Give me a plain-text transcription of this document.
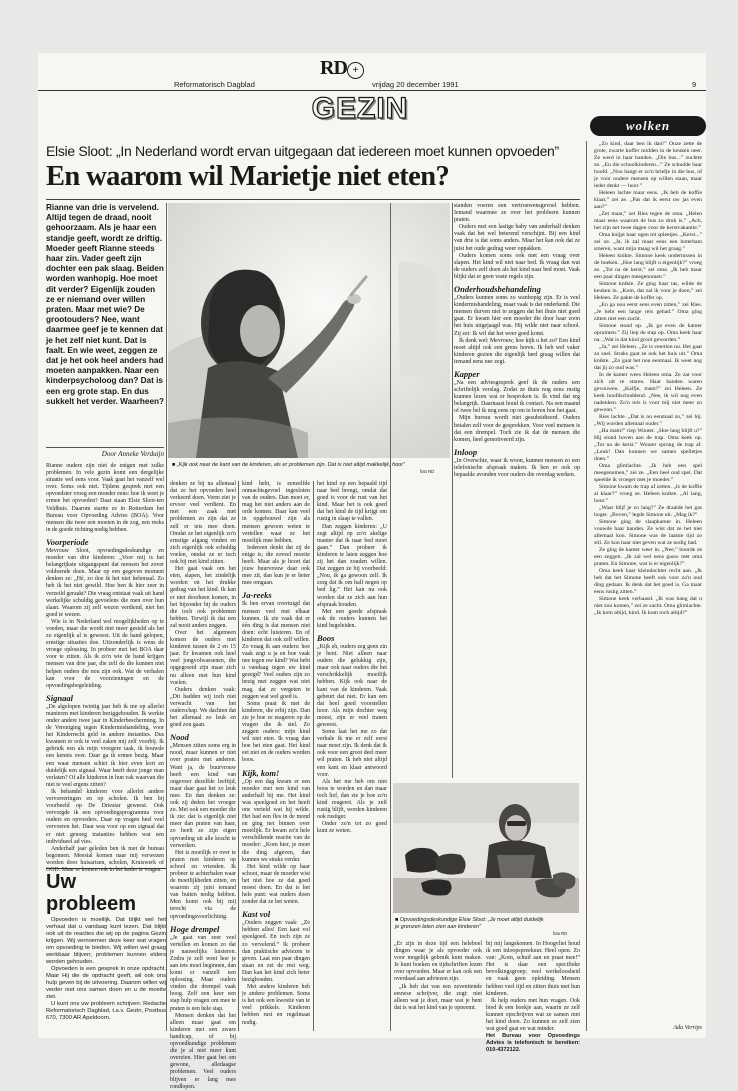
RD +
Reformatorisch Dagblad	vrijdag 20 december 1991	9
GEZIN
wolken
Elsie Sloot: „In Nederland wordt ervan uitgegaan dat iedereen moet kunnen opvoeden”
En waarom wil Marietje niet eten?
Rianne van drie is vervelend. Altijd tegen de draad, nooit gehoorzaam. Als je haar een standje geeft, wordt ze driftig. Moeder geeft Rianne steeds haar zin. Vader geeft zijn dochter een pak slaag. Beiden worden wanhopig. Hoe moet dit verder? Eigenlijk zouden ze er niemand over willen praten. Maar met wie? De grootouders? Nee, want daarmee geef je te kennen dat je het zelf niet kunt. Dat is faalt. En wie weet, zeggen ze dat je het ook heel anders had moeten aanpakken. Naar een kinderpsycholoog dan? Dat is een erg grote stap. En dus sukkelt het verder. Waarheen?
Door Anneke Verduijn

Rianne oudere zijn niet de enigen met zulke problemen. In vele gezin komt een dergelijke situatie wel eens voor. Vaak gaat het vanzelf wel over. Soms ook niet. Tijdens gesprek met een opvoedster vroeg een moeder eens: hoe ik weet je ermee het opvoeden? Daar staan Elsie Sloot-ten Veldhuis. Daarom startte ze in Rotterdam het Bureau voor Opvoeding Advies (BOA). Voor mensen die twee een moeten in de zog, een reeks in de goede richting nodig hebben.

Voorperiode

Mevrouw Sloot, opvoedingsdeskundige en moeder van drie kinderen: „Voor mij is het belangrijkste uitgangspunt dat mensen het zover voldoende doen. Maar op een gegeven moment denken ze: „Hè, zo doe ik het niet helemaal. Zo heb ik het niet gewild. Hoe ben ik hier zeer in verzeild geraakt? Die vraag ontstaat vaak uit hand werkelijke schuldig gevoelens die men over hun slaan. Waarom zij zelf wezen verdiend, niet het goed te wezen.

Wie is in Nederland wel mogelijkheden op te voeden, maar die wordt niet meer gesteld als het zo eigenlijk al is geweest. Uit de hand gelopen, ernstige situaties doe. Uitzonderlijk is wens de vroege oplossing. In probeer met het BOA daar voor te zitten. Als ik zo'n wie de hand krijgen mensen van drie jaar, die zelf de die kunnen niet helpen ouders die nou zijn ook. Wat de verhalen kan voor de voorzieningen en de opvoedingsbegeleiding.

Signaal

„De algelopen twintig jaar heb ik me op allerlei manieren met kinderen beziggehouden. Ik werkte onder andere twee jaar in Kinderbescherming. In de Vereniging tegen Kindermishandeling, voor het Kinderrecht geld in andere instanties. Dus kwamen er ook te veel zaken mij zelf voorbij. Ik gebruik een als mijn vroegere taak, ik bouwde een kennis over. Daar ga ik ermee bezig. Maar een waar mensen schiet ik hier even kort en duidelijk een signaal. Waar heeft deze jonge man verlaten? Of alle kinderen in hun vak waarvan die niet te veel ergens zitten?

Ik behandel kinderen voor allerlei andere vervorreringen en op scholen. Ik ben bij voorbeeld op De Driestar geweest. Ook vervorgde ik een opvoedingsprogramma voor ouders en opvoeders. Daar op vragen heel veel vervoeren het. Daar was voor op een signaal dat er niet genoeg instanties hebben wat een individueel ad vies.

Anderhalf jaar geleden ben ik met de bureau begonnen. Meestal komen naar mij verwezen worden door huisartsen, scholen, Kruiswerk of GGD. Maar er komen ook in het kader te vragen.

Uw probleem

Opvoeden is moeilijk. Dat blijkt wel het verhaal dat u vandaag kunt lezen. Dat blijkt ook uit de reacties die wij op de pagina Gezin krijgen. Wij vernoemen deze keer wat vragen om opvoeding te bieden. Wij willen wel graag werkbaar blijven; problemen kunnen elders worden gehouden.

Opvoeden is een gesprek in onze opdracht. Maar Hij die de opdracht geeft, wil ook ons hulp geven bij de uitvoering. Daarom willen wij verder niet ons samen doen en u de moeite ziet.

U kunt ons uw probleem schrijven: Redactie Reformatorisch Dagblad, t.a.v. Gezin, Postbus 670, 7300 AR Apeldoorn.

■ „Kijk ook naar de kant van de kinderen, als er problemen zijn. Dat is niet altijd makkelijk, hoor”
foto RD

denken ze bij na allemaal dat ze het opvoeden heel verkeerd doen. Vorm ziet je ervoor veel verdient. En met een zaak met problemen zo zijn dat ze zelf er iets mee doen. Omdat ze het eigenlijk zo'n ernstige afgang vinden en zich eigenlijk ook schuldig voelen, omdat ze er toch ook bij met kind zitten.

Het gaat vaak om het eten, slapen, het zindelijk worden en het drukke gedrag van het kind. Ik kan er niet doorheen komen, in het bijzonder bij de ouders die toch ook problemen hebben. Terwijl ik dat een zal nooit anders zeggen.

Over het algemeen komen de ouders met kinderen tussen de 2 en 15 jaar. Er kwamen ook heel veel jongvolwassenen, die opgegroeid zijn maar zich nu alleen met hun kind voelen.

Ouders denken vaak: „Dit hadden wij toch niet verwacht van het ouderschap. We dachten dat het allemaal zo leuk en goed zou gaan.

Nood

„Mensen zitten soms erg in nood, maar kunnen er niet over praten met anderen. Want ja, de buurvrouw heeft een kind van ongeveer dezelfde leeftijd, maar daar gaat het zo leuk mee. En dan denken ze: ook zij deden het vroeger zo. Met ook een moeder die ik zie: dat is eigenlijk niet meer dan praten van haar, zo heeft ze zijn eigen opvoeding uit alle kracht te verwerken.

Het is moeilijk er over te praten met kinderen op school en vrienden. Ik probeer te achterhalen waar de moeilijkheden zitten, en waarom zij juist iemand van buiten nodig hebben. Men komt ook bij mij terecht via de opvoedingsvoorlichting.

Hoge drempel

„Je gaat van zeer veel vertellen en komen zo dat je nauwelijks luisteren. Zodra je zelf weet hoe je aan iets moet beginnen, dan komt er vanzelf een oplossing. Maar ouders vinden die drempel vaak hoog. Zelf een keer een stap hulp vragen om mee te praten is een hele stap.

Mensen denken dat het alleen maar gaat om kinderen met een zware handicap, of bij opvoedkundige problemen die je al niet meer kunt overzien. Hier gaat het om gewone, alledaagse problemen. Veel ouders blijven er lang mee rondlopen.

kind hebt, is eenzelfde onmachtsgevoel ingesloten van de ouders. Dan moet er, mag het niet anders aan de orde komen. Daar kan veel in opgebouwd zijn als mensen gewoon weten te vertellen waar ze het moeilijk mee hebben.

Iedereen denkt dat zij de enige is; die zoveel moeite heeft. Maar als je hoort dat jouw buurvrouw daar ook mee zit, dan kun je er beter mee omgaan.

Ja-reeks

Ik ben ervan overtuigd dat mensen veel met elkaar kunnen. Ik zie vaak dat er één ding is dat mensen niet doen: echt luisteren. En of kinderen dat ook zelf willen. Zo vraag ik aan ouders: hoe vaak zegt u ja en hoe vaak nee tegen uw kind? Wat hebt u vandaag tegen uw kind gezegd? Veel ouders zijn zo bezig met zeggen wat niet mag, dat ze vergeten te zeggen wat wel goed is.

Soms praat ik met de kinderen, die erbij zijn. Dan zie je hoe ze reageren op de vragen die ik stel. Zo zeggen ouders: mijn kind wil niet eten. Ik vraag dan hoe het eten gaat. Het kind eet niet en de ouders worden boos.

Kijk, kom!

„Op een dag kwam er een moeder met een kind van anderhalf bij me. Het kind was speelgoed en het heeft ons verteld wat hij wilde. Het had een fles in de mond en ging net binnen over moeilijk. Er kwam zo'n hele verschillende reactie van de moeder: „Kom hier, je moet die ding afgeven, dan kunnen we straks verder.

Het kind wilde op haar schoot, maar de moeder wist het niet hoe ze dat goed moest doen. En dat is het hele punt: wat ouders doen zonder dat ze het weten.

Kast vol

„Ouders zeggen vaak: „Ze hebben alles! Een kast vol speelgoed. En toch zijn ze zo vervelend.” Ik probeer dan praktische adviezen te geven. Laat een paar dingen staan en zet de rest weg. Dan kan het kind zich beter bezighouden.

Met andere kinderen heb je andere problemen. Soms is het ook een kwestie van te veel prikkels. Kinderen hebben rust en regelmaat nodig.

het kind op een bepaald tijd naar bed brengt, omdat dat goed is voor de rust van het kind. Maar het is ook goed dat het kind de tijd krijgt om rustig in slaap te vallen.

Dan zeggen kinderen: „U zegt altijd op zo'n akelige manier dat ik naar bed moet gaan.” Dan probeer ik kinderen te laten zeggen hoe zij het dan zouden willen. Dat zeggen ze bij voorbeeld: „Nou, ik ga gewoon zelf. Ik zorg dat ik om half negen op bed lig.” Het kan nu ook worden dat ze zich aan hun afspraak houden.

Met een goede afspraak ook de ouders kunnen het kind begeleiden.

Boos

„Kijk eh, ouders zeg geen zin je bent. Niet alleen naar ouders die gelukkig zijn, maar ook naar ouders die het verschrikkelijk moeilijk hebben. Kijk ook naar de kant van de kinderen. Vaak gebeurt dat niet. Er kan een dat heel goed voorstellen hoor. Als mijn dochter weg moest, zijn er veel tranen geweest.

Soms laat het me zo dat verbale ik me er zelf eerst naar moet zijn. Ik denk dat ik ook voor een groot deel meer wil praten. Ik heb niet altijd een kant en klaar antwoord voor.

Als het me heb om niet boos te worden en dan maar toch lief, dan zie je hoe zo'n kind reageert. Als je zelf rustig blijft, worden kinderen ook rustiger.

Onder zo'n tot zo goed kunt ze weten.

standen voeren een vertrouwensgevoel hebben. Iemand waarmee ze over het probleem kunnen praten.

Ouders met een lastige baby van anderhalf denken vaak dat het wel beterend verschijnt. Bij een kind van drie is dat soms anders. Maar het kan ook dat ze juist het oude gedrag weer oppakken.

Ouders komen soms ook met een vraag over slapen. Het kind wil niet naar bed. Ik vraag dan wat de ouders zelf doen als het kind naar bed moet. Vaak blijkt dat er geen vaste regels zijn.

Onderhoudsbehandeling

„Ouders kunnen soms zo wanhopig zijn. Er is veel kindermishandeling, maar vaak is dat onderkend. Die mensen durven niet te zeggen dat het thuis niet goed gaat. Er kwam hier een moeder die door haar zoon het huis uitgejaagd was. Hij wilde niet naar school. Zij zei: Ik wil dat het weer goed komt.

Ik denk wel: Mevrouw, hoe kijk u het zo? Een kind moet altijd ook een grens horen. Ik heb wel vaker kinderen gezien die eigenlijk heel graag willen dat iemand eens nee zegt.

Kapper

„Na een adviesgesprek geef ik de ouders een schriftelijk verslag. Zodat ze thuis nog eens rustig kunnen lezen wat er besproken is. Ik vind dat erg belangrijk. Daarnaast houd ik contact. Na een maand of twee bel ik nog eens op om te horen hoe het gaat.

Mijn bureau wordt niet gesubsidieerd. Ouders betalen zelf voor de gesprekken. Voor veel mensen is dat een drempel. Toch zie ik dat de mensen die komen, heel gemotiveerd zijn.

Inloop

„In Overschie, waar ik woon, kunnen mensen zo een telefonische afspraak maken. Ik ben er ook op bepaalde avonden voor ouders die overdag werken.

■ Opvoedingsdeskundige Elsie Sloot: „Je moet altijd duidelijk je grenzen laten zien aan kinderen”
foto RD

bij mij langskomen. In Hoogvliet houd ik een inloopspreekuur. Heel open. Zo van: „Kom, schuif aan en praat mee!” Het is daar een specifieke bevolkingsgroep; veel werkeloosheid en vaak geen opleiding. Mensen hebben veel tijd en zitten thuis met hun kinderen.

Ik help ouders met hun vragen. Ook bied ik een boekje aan, waarin ze zelf kunnen opschrijven wat ze samen met het kind doen. Zo kunnen ze zelf zien wat goed gaat en wat minder.

Het Bureau voor Opvoedings Advies is telefonisch te bereiken: 010-4372122.

„Er zijn in deze tijd een heleboel dingen waar je als opvoeder ook voor mogelijk gebruik kunt maken. Je kunt boeken en tijdschriften lezen over opvoeden. Maar er kan ook een overdaad aan adviezen zijn.

„Ik heb dat van een zeventiende eeuwse schrijver, die zegt: niet alleen wat je doet, maar wat je bent dat is wat het kind van je opneemt.

„Zo kind, daar ben ik dan!” Onze zette de grote, zwarte koffer midden in de keuken neer. Ze werd in haar handen. „Die bus...” zuchtte ze. „En die schoolkinderen...” Ze schudde haar hoofd. „Nou hangt er zo'n briefje in die bus, of je voor oudere mensen op willen staan, maar ieder denkt — hoor.”

Heleen lachte maar eens. „Ik heb de koffie klaar,” zei ze. „Pas dat ik eerst uw jas even aan?”

„Zet maar,” zei Ries tegen de oma. „Helen maar eens waarom de bus zo druk is.” „Ach, het zijn net twee dagen voor de kerstvakantie.”

Oma knijpt haar ogen tot spleetjes. „Kerst...” zei ze. „Ja, ik zal maar eens een boterham smeren, want mijn maag wil het graag.”

Heleen knikte. Simone keek ondertussen in de boeken. „Hoe lang blijft u eigenlijk?” vroeg ze. „Tot na de kerst,” zei oma. „Ik heb maar een paar dingen meegenomen.”

Simone knikte. Ze ging haar tas, wilde de keuken in. „Kom, dat zal ik voor je doen,” zei Heleen. Ze pakte de koffer op.

„En ga nou eerst eens even zitten,” zei Ries. „Je hebt een lange reis gehad.” Oma ging zitten met een zucht.

Simone stond op. „Ik ga even de kamer opruimen.” Zij liep de trap op. Oma keek haar na. „Wat is dat kind groot geworden.”

„Ja,” zei Heleen. „Ze is veertien nu. Het gaat zo snel. Straks gaat ze ook het huis uit.” Oma knikte. „Zo gaat het nou eenmaal. Ik weet nog dat jij zo oud was.”

In de kamer wees Heleen oma. Ze zat voor zich uit te staren. Haar handen waren gevouwen. „Kalfje, mam?” zei Heleen. Ze keek hoofdschuddend. „Nee, ik wil nog even nadenken. Zo'n reis is voor mij niet meer zo gewoon.”

Ries lachte. „Dat is nu eenmaal zo,” zei hij. „Wij worden allemaal ouder.”

„Ha mam!” riep Wouter. „Hoe lang blijft u?” Hij stond boven aan de trap. Oma keek op. „Tot na de kerst.” Wouter sprong de trap af. „Leuk! Dan kunnen we samen spelletjes doen.”

Oma glimlachte. „Ik heb een spel meegenomen,” zei ze. „Een heel oud spel. Dat speelde ik vroeger met je moeder.”

Simone kwam de trap af zetten. „Is de koffie al klaar?” vroeg ze. Heleen knikte. „Al lang, hoor.”

„Waar blijf je zo lang?” Ze draaide het gas hoger. „Boven,” legde Simone uit. „Mag ik?”

Simone ging de slaapkamer in. Heleen vouwde haar handen. Ze wist dat ze het niet allemaal kon. Simone was de laatste tijd zo stil. Ze kon haar niet geven wat ze nodig had.

Ze ging de kamer weer in. „Nee,” boorde ze een zeggen. „Ik zal wel eens gauw met oma praten. En Simone, wat is er eigenlijk?”

Oma keek haar kleindochter recht aan. „Ik heb dat het Simone heeft ook voor zo'n oud ding gedaan. Ik denk dat het goed is. Ga maar eens rustig zitten.”

Simone keek verbaasd. „Ik was bang dat u niet zou komen,” zei ze zacht. Oma glimlachte. „Ik kom altijd, kind. Ik kom toch altijd?”

Ada Verrips
